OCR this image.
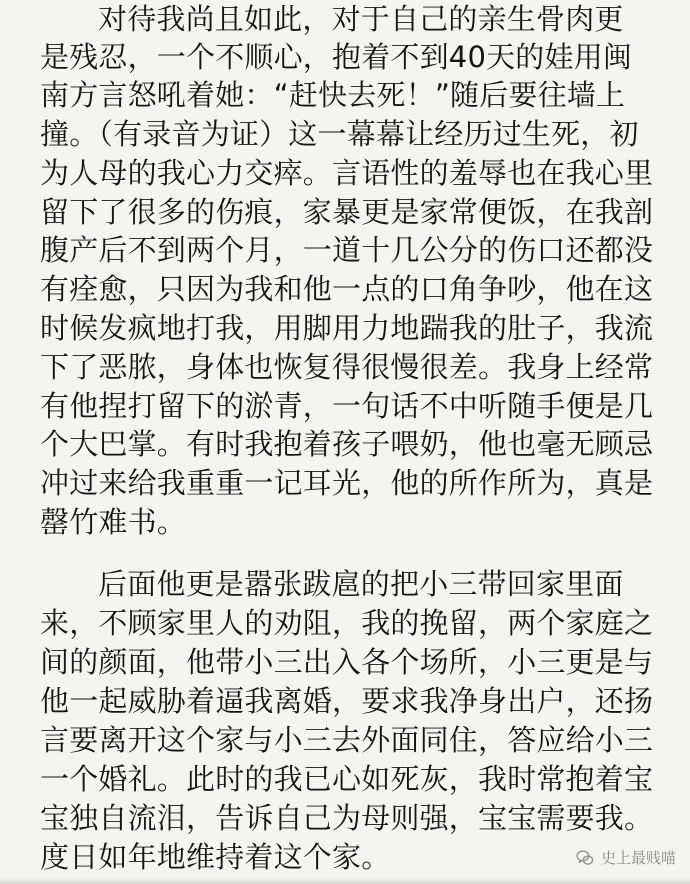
对待我尚且如此，对于自己的亲生骨肉更
是残忍，一个不顺心，抱着不到40天的娃用闽
南方言怒吼着她：“赶快去死！”随后要往墙上
撞。（有录音为证）这一幕幕让经历过生死，初
为人母的我心力交瘁。言语性的羞辱也在我心里
留下了很多的伤痕，家暴更是家常便饭，在我剖
腹产后不到两个月，一道十几公分的伤口还都没
有痊愈，只因为我和他一点的口角争吵，他在这
时候发疯地打我，用脚用力地踹我的肚子，我流
下了恶脓，身体也恢复得很慢很差。我身上经常
有他捏打留下的淤青，一句话不中听随手便是几
个大巴掌。有时我抱着孩子喂奶，他也毫无顾忌
冲过来给我重重一记耳光，他的所作所为，真是
罄竹难书。
后面他更是嚣张跋扈的把小三带回家里面
来，不顾家里人的劝阻，我的挽留，两个家庭之
间的颜面，他带小三出入各个场所，小三更是与
他一起威胁着逼我离婚，要求我净身出户，还扬
言要离开这个家与小三去外面同住，答应给小三
一个婚礼。此时的我已心如死灰，我时常抱着宝
宝独自流泪，告诉自己为母则强，宝宝需要我。
度日如年地维持着这个家。	史上最贱喵
